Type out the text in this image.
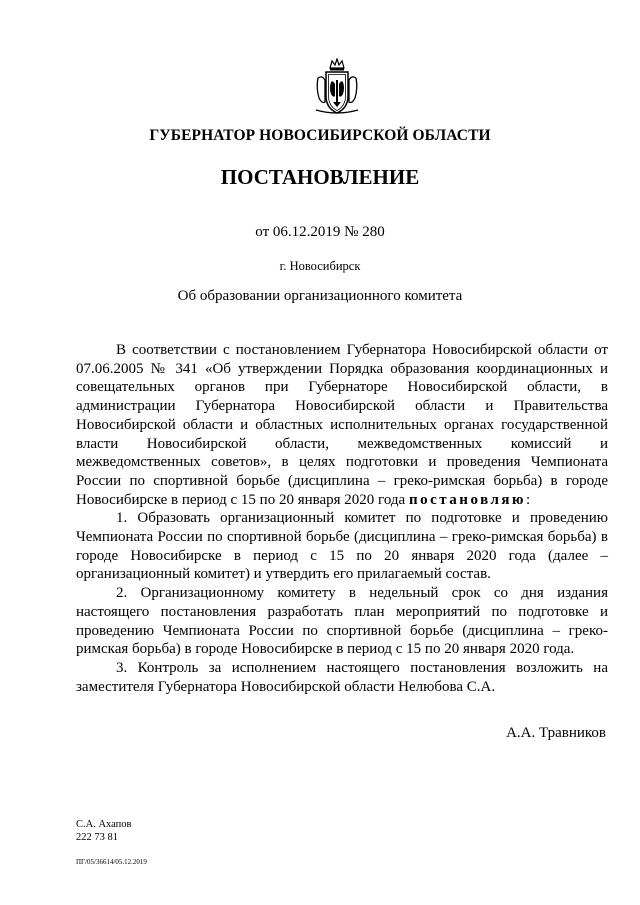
ГУБЕРНАТОР НОВОСИБИРСКОЙ ОБЛАСТИ
ПОСТАНОВЛЕНИЕ
от 06.12.2019 № 280
г. Новосибирск
Об образовании организационного комитета

В соответствии с постановлением Губернатора Новосибирской области от 07.06.2005 № 341 «Об утверждении Порядка образования координационных и совещательных органов при Губернаторе Новосибирской области, в администрации Губернатора Новосибирской области и Правительства Новосибирской области и областных исполнительных органах государственной власти Новосибирской области, межведомственных комиссий и межведомственных советов», в целях подготовки и проведения Чемпионата России по спортивной борьбе (дисциплина – греко-римская борьба) в городе Новосибирске в период с 15 по 20 января 2020 года постановляю:

1. Образовать организационный комитет по подготовке и проведению Чемпионата России по спортивной борьбе (дисциплина – греко-римская борьба) в городе Новосибирске в период с 15 по 20 января 2020 года (далее – организационный комитет) и утвердить его прилагаемый состав.

2. Организационному комитету в недельный срок со дня издания настоящего постановления разработать план мероприятий по подготовке и проведению Чемпионата России по спортивной борьбе (дисциплина – греко-римская борьба) в городе Новосибирске в период с 15 по 20 января 2020 года.

3. Контроль за исполнением настоящего постановления возложить на заместителя Губернатора Новосибирской области Нелюбова С.А.

А.А. Травников
С.А. Ахапов
222 73 81
ПГ/05/36614/05.12.2019
